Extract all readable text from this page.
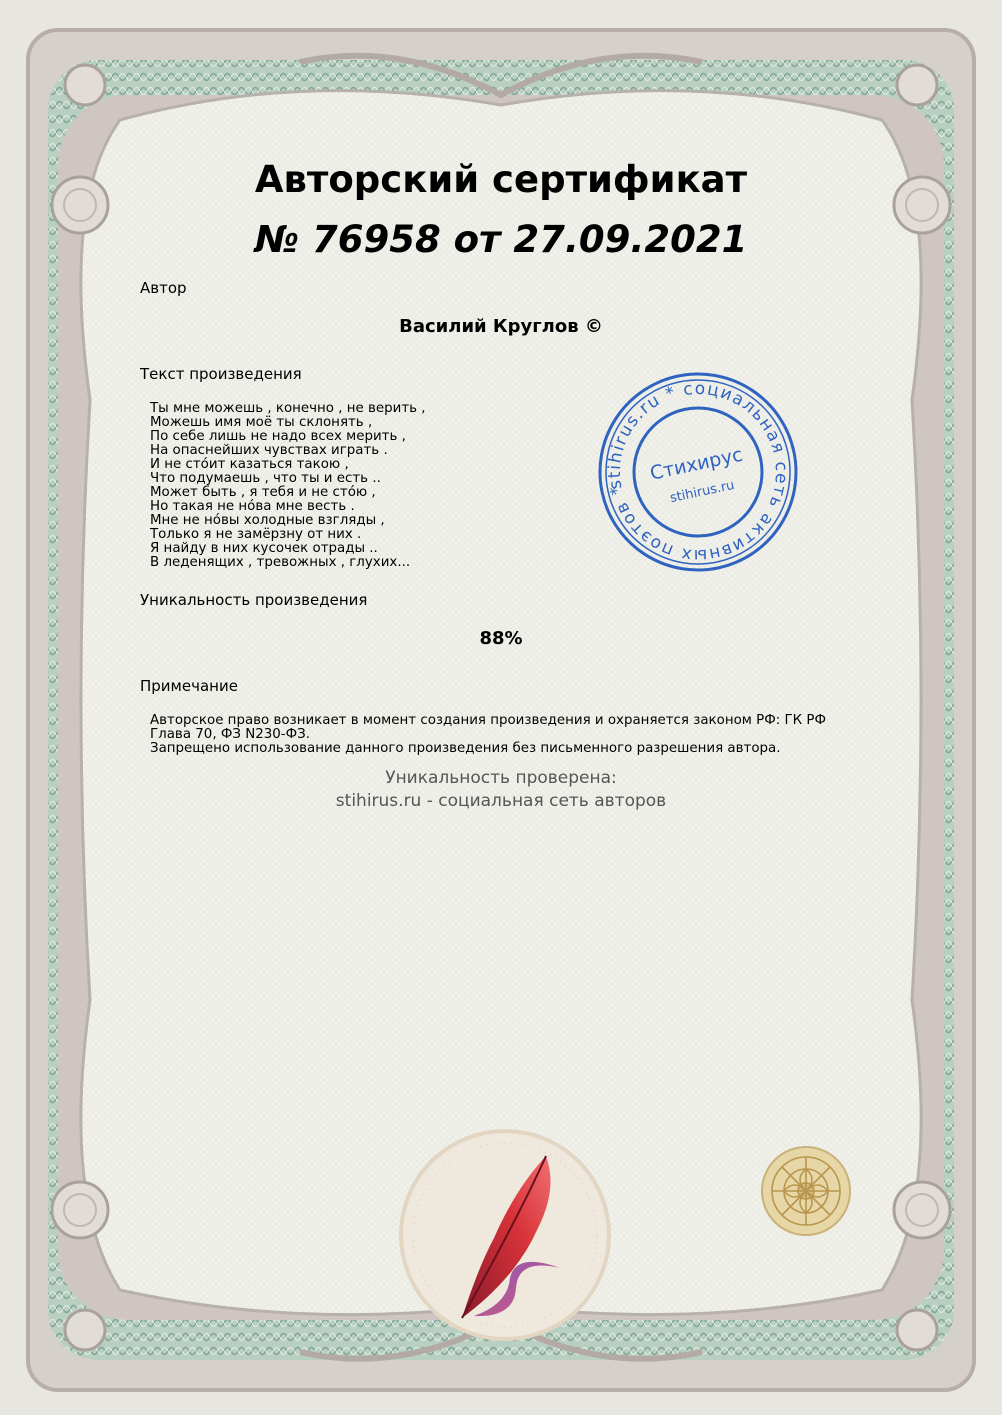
Авторский сертификат
№ 76958 от 27.09.2021
Автор
Василий Круглов ©
Текст произведения
Ты мне можешь , конечно , не верить ,
Можешь имя моё ты склонять ,
По себе лишь не надо всех мерить ,
На опаснейших чувствах играть .
И не сто́ит казаться такою ,
Что подумаешь , что ты и есть ..
Может быть , я тебя и не сто́ю ,
Но такая не но́ва мне весть .
Мне не но́вы холодные взгляды ,
Только я не замёрзну от них .
Я найду в них кусочек отрады ..
В леденящих , тревожных , глухих...
Уникальность произведения
88%
Примечание
Авторское право возникает в момент создания произведения и охраняется законом РФ: ГК РФ Глава 70, ФЗ N230-ФЗ.
Запрещено использование данного произведения без письменного разрешения автора.
Уникальность проверена:
stihirus.ru - социальная сеть авторов
stihirus.ru * социальная сеть активных поэтов *
Стихирус
stihirus.ru
